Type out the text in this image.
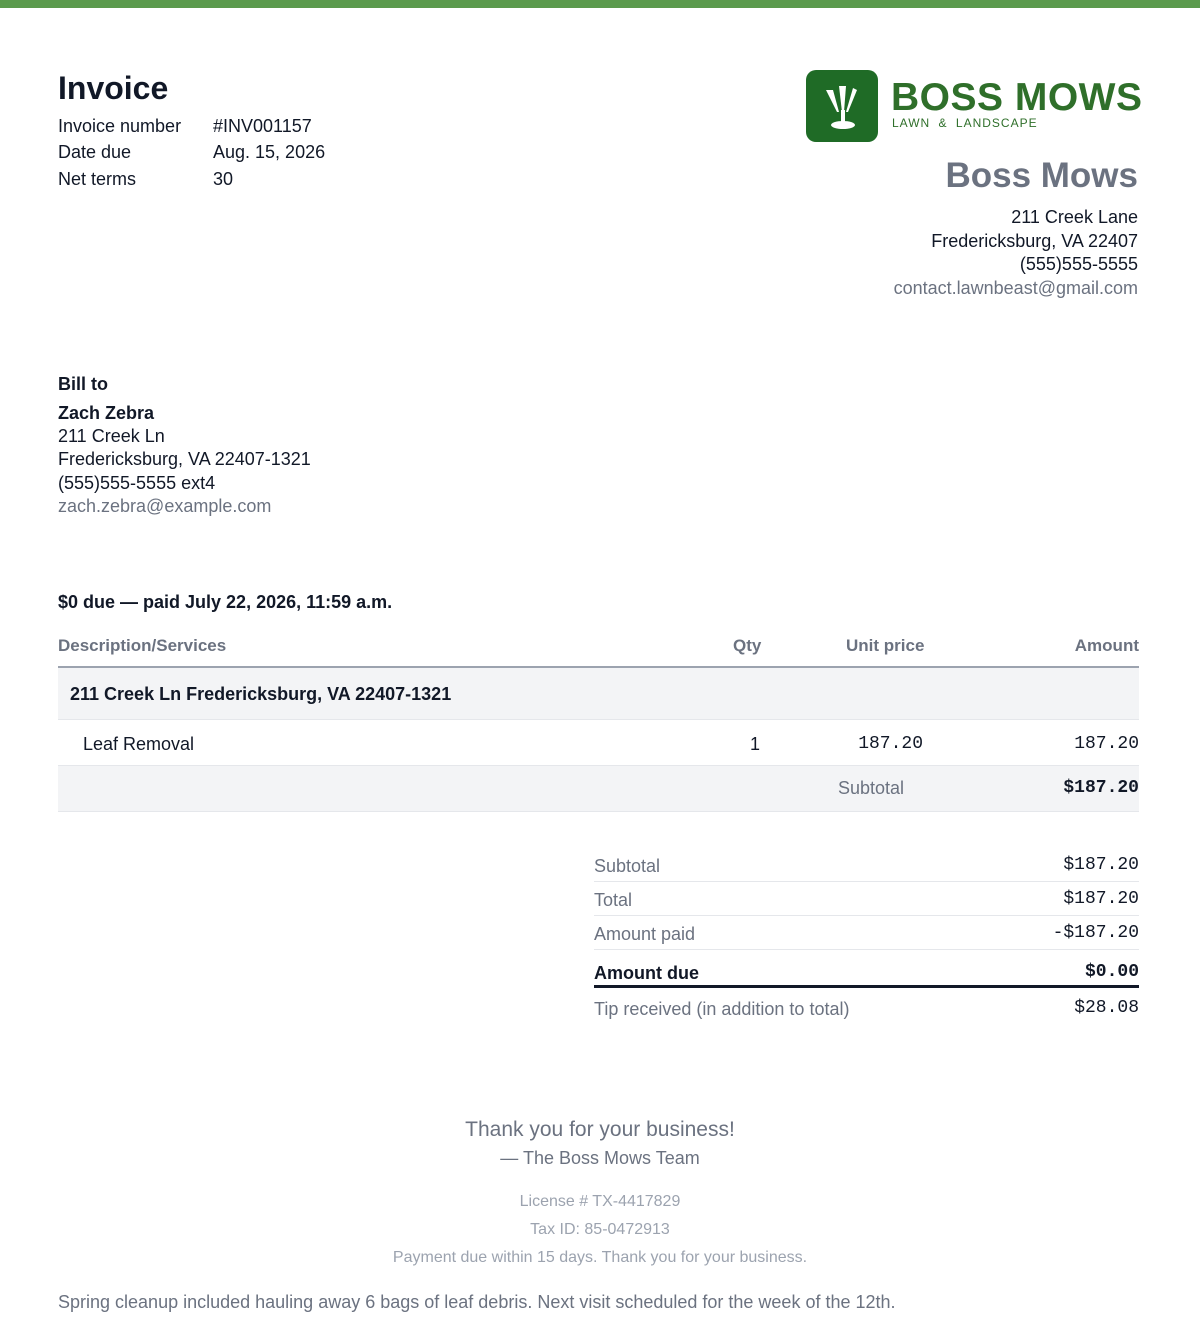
Invoice
Invoice number	#INV001157
Date due	Aug. 15, 2026
Net terms	30
BOSS MOWS
LAWN & LANDSCAPE
Boss Mows
211 Creek Lane
Fredericksburg, VA 22407
(555)555-5555
contact.lawnbeast@gmail.com
Bill to
Zach Zebra
211 Creek Ln
Fredericksburg, VA 22407-1321
(555)555-5555 ext4
zach.zebra@example.com
$0 due — paid July 22, 2026, 11:59 a.m.
Description/Services	Qty	Unit price	Amount
211 Creek Ln Fredericksburg, VA 22407-1321
Leaf Removal	1	187.20	187.20
Subtotal	$187.20
Subtotal	$187.20
Total	$187.20
Amount paid	-$187.20
Amount due	$0.00
Tip received (in addition to total)	$28.08
Thank you for your business!
— The Boss Mows Team
License # TX-4417829
Tax ID: 85-0472913
Payment due within 15 days. Thank you for your business.
Spring cleanup included hauling away 6 bags of leaf debris. Next visit scheduled for the week of the 12th.
